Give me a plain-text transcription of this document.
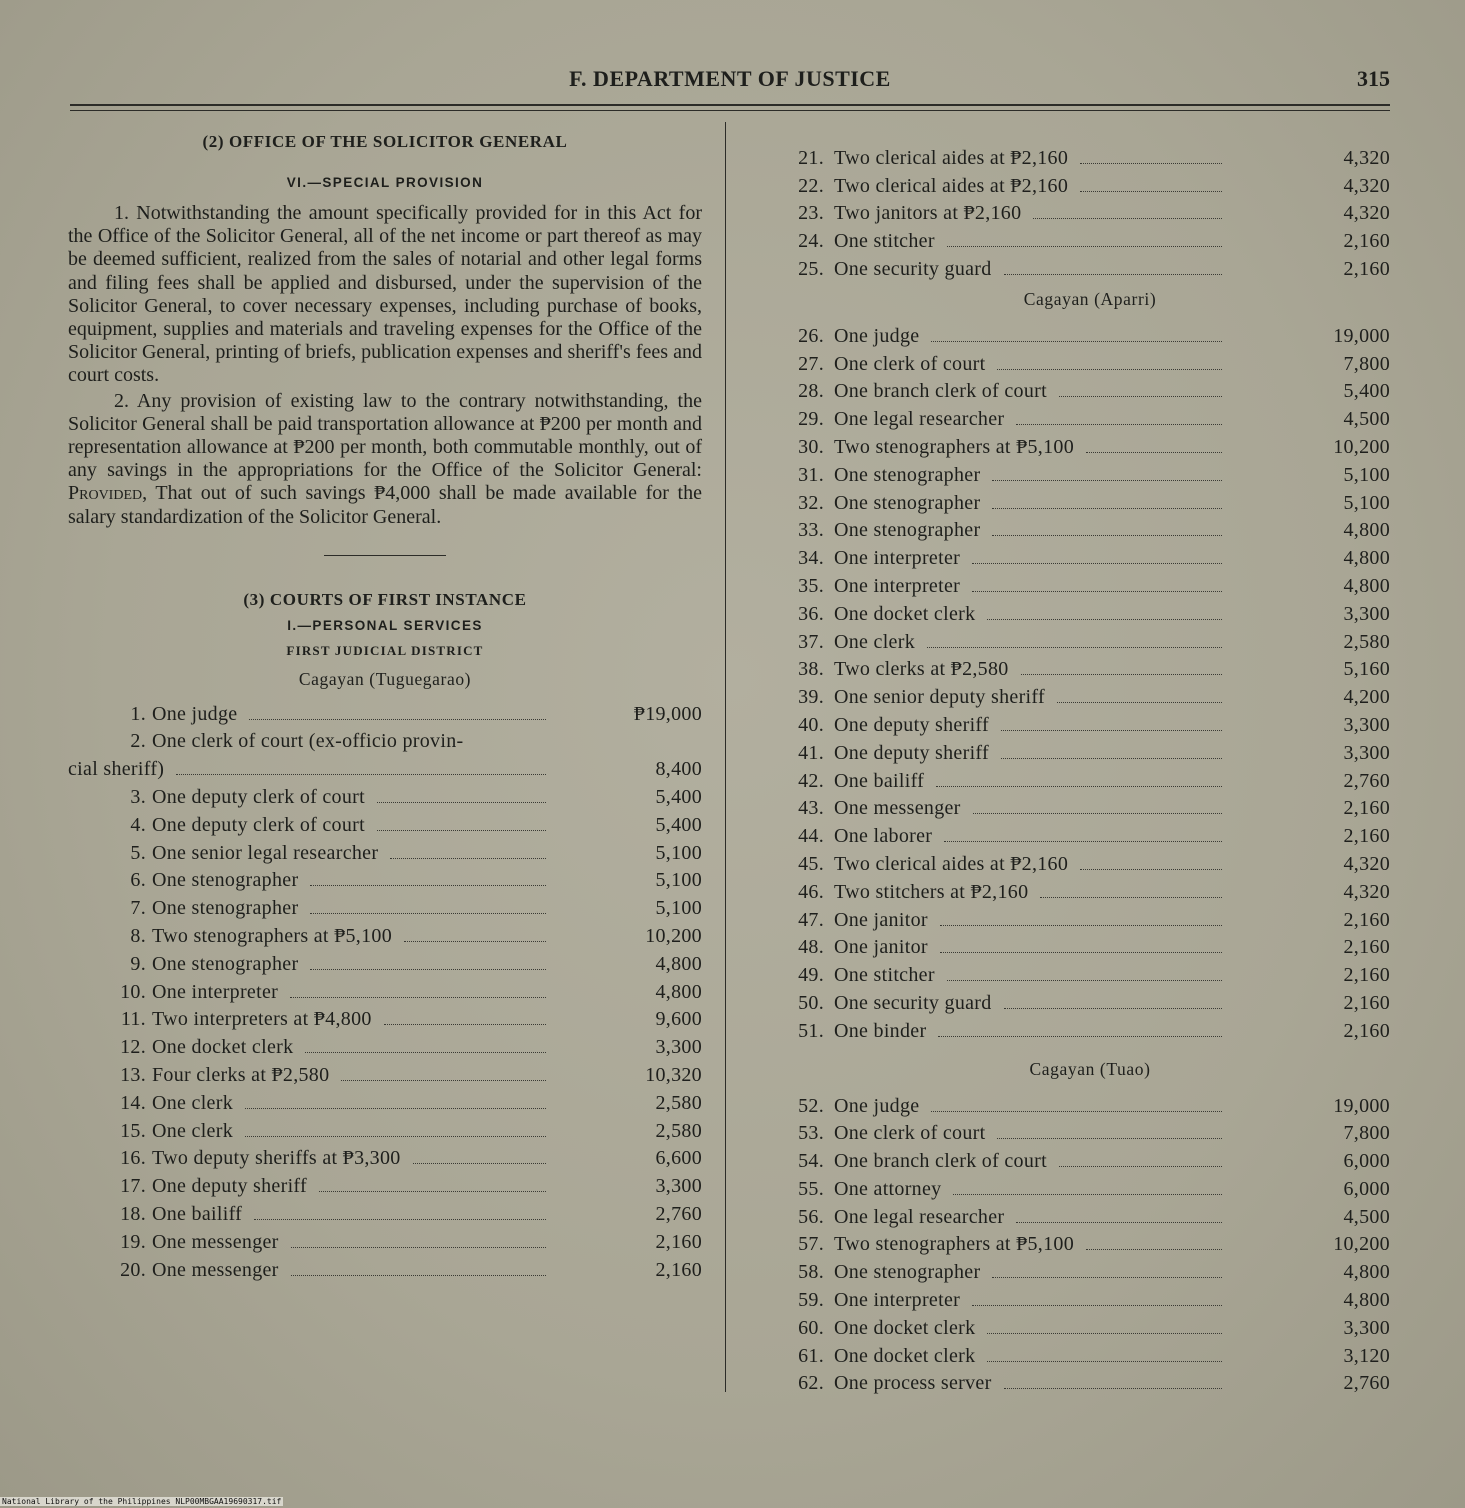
F. DEPARTMENT OF JUSTICE	315
(2) OFFICE OF THE SOLICITOR GENERAL
VI.—SPECIAL PROVISION

1. Notwithstanding the amount specifically provided for in this Act for the Office of the Solicitor General, all of the net income or part thereof as may be deemed sufficient, realized from the sales of notarial and other legal forms and filing fees shall be applied and disbursed, under the supervision of the Solicitor General, to cover necessary expenses, including purchase of books, equipment, supplies and materials and traveling expenses for the Office of the Solicitor General, printing of briefs, publication expenses and sheriff's fees and court costs.

2. Any provision of existing law to the contrary notwithstanding, the Solicitor General shall be paid transportation allowance at ₱200 per month and representation allowance at ₱200 per month, both commutable monthly, out of any savings in the appropriations for the Office of the Solicitor General: Provided, That out of such savings ₱4,000 shall be made available for the salary standardization of the Solicitor General.

(3) COURTS OF FIRST INSTANCE
I.—PERSONAL SERVICES
FIRST JUDICIAL DISTRICT
Cagayan (Tuguegarao)
1. One judge	₱19,000
2. One clerk of court (ex-officio provin-
cial sheriff)	8,400
3. One deputy clerk of court	5,400
4. One deputy clerk of court	5,400
5. One senior legal researcher	5,100
6. One stenographer	5,100
7. One stenographer	5,100
8. Two stenographers at ₱5,100	10,200
9. One stenographer	4,800
10. One interpreter	4,800
11. Two interpreters at ₱4,800	9,600
12. One docket clerk	3,300
13. Four clerks at ₱2,580	10,320
14. One clerk	2,580
15. One clerk	2,580
16. Two deputy sheriffs at ₱3,300	6,600
17. One deputy sheriff	3,300
18. One bailiff	2,760
19. One messenger	2,160
20. One messenger	2,160
21. Two clerical aides at ₱2,160	4,320
22. Two clerical aides at ₱2,160	4,320
23. Two janitors at ₱2,160	4,320
24. One stitcher	2,160
25. One security guard	2,160
Cagayan (Aparri)
26. One judge	19,000
27. One clerk of court	7,800
28. One branch clerk of court	5,400
29. One legal researcher	4,500
30. Two stenographers at ₱5,100	10,200
31. One stenographer	5,100
32. One stenographer	5,100
33. One stenographer	4,800
34. One interpreter	4,800
35. One interpreter	4,800
36. One docket clerk	3,300
37. One clerk	2,580
38. Two clerks at ₱2,580	5,160
39. One senior deputy sheriff	4,200
40. One deputy sheriff	3,300
41. One deputy sheriff	3,300
42. One bailiff	2,760
43. One messenger	2,160
44. One laborer	2,160
45. Two clerical aides at ₱2,160	4,320
46. Two stitchers at ₱2,160	4,320
47. One janitor	2,160
48. One janitor	2,160
49. One stitcher	2,160
50. One security guard	2,160
51. One binder	2,160
Cagayan (Tuao)
52. One judge	19,000
53. One clerk of court	7,800
54. One branch clerk of court	6,000
55. One attorney	6,000
56. One legal researcher	4,500
57. Two stenographers at ₱5,100	10,200
58. One stenographer	4,800
59. One interpreter	4,800
60. One docket clerk	3,300
61. One docket clerk	3,120
62. One process server	2,760
National Library of the Philippines NLP00MBGAA19690317.tif
